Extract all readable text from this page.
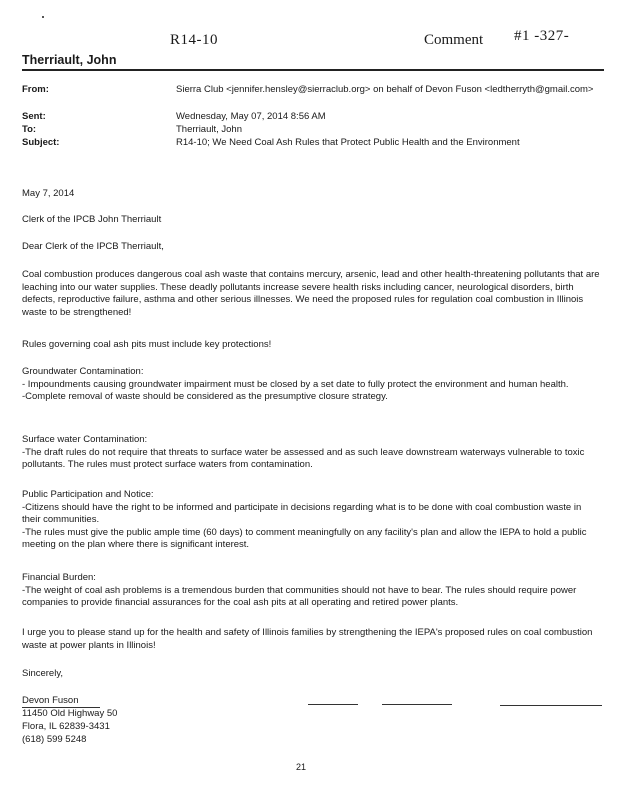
R14-10	Comment #1 -327-
Therriault, John
From:	Sierra Club <jennifer.hensley@sierraclub.org> on behalf of Devon Fuson <ledtherryth@gmail.com>
Sent:	Wednesday, May 07, 2014 8:56 AM
To:	Therriault, John
Subject:	R14-10; We Need Coal Ash Rules that Protect Public Health and the Environment
May 7, 2014
Clerk of the IPCB John Therriault
Dear Clerk of the IPCB Therriault,
Coal combustion produces dangerous coal ash waste that contains mercury, arsenic, lead and other health-threatening pollutants that are leaching into our water supplies. These deadly pollutants increase severe health risks including cancer, neurological disorders, birth defects, reproductive failure, asthma and other serious illnesses. We need the proposed rules for regulation coal combustion in Illinois waste to be strengthened!
Rules governing coal ash pits must include key protections!

Groundwater Contamination:

- Impoundments causing groundwater impairment must be closed by a set date to fully protect the environment and human health.

-Complete removal of waste should be considered as the presumptive closure strategy.

Surface water Contamination:

-The draft rules do not require that threats to surface water be assessed and as such leave downstream waterways vulnerable to toxic pollutants. The rules must protect surface waters from contamination.

Public Participation and Notice:

-Citizens should have the right to be informed and participate in decisions regarding what is to be done with coal combustion waste in their communities.

-The rules must give the public ample time (60 days) to comment meaningfully on any facility's plan and allow the IEPA to hold a public meeting on the plan where there is significant interest.

Financial Burden:

-The weight of coal ash problems is a tremendous burden that communities should not have to bear. The rules should require power companies to provide financial assurances for the coal ash pits at all operating and retired power plants.

I urge you to please stand up for the health and safety of Illinois families by strengthening the IEPA's proposed rules on coal combustion waste at power plants in Illinois!
Sincerely,

Devon Fuson

11450 Old Highway 50

Flora, IL 62839-3431

(618) 599 5248

21
